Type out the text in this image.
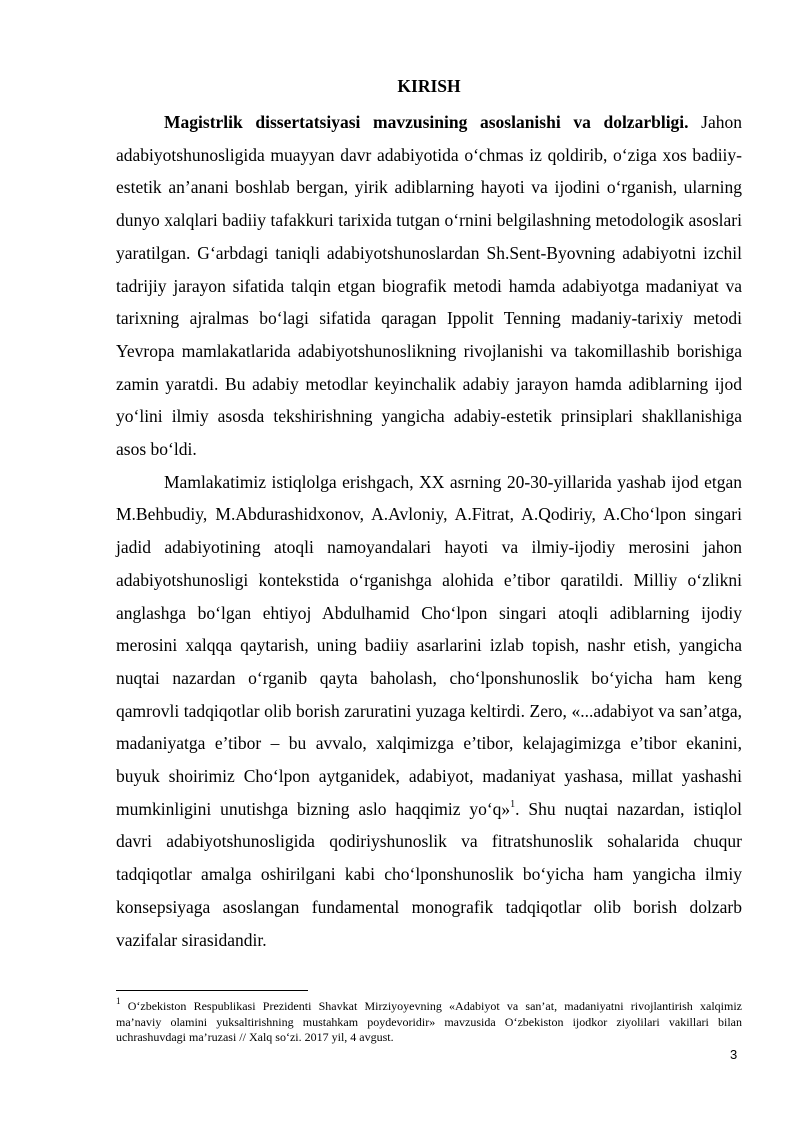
KIRISH

Magistrlik dissertatsiyasi mavzusining asoslanishi va dolzarbligi. Jahon adabiyotshunosligida muayyan davr adabiyotida o‘chmas iz qoldirib, o‘ziga xos badiiy-estetik an’anani boshlab bergan, yirik adiblarning hayoti va ijodini o‘rganish, ularning dunyo xalqlari badiiy tafakkuri tarixida tutgan o‘rnini belgilashning metodologik asoslari yaratilgan. G‘arbdagi taniqli adabiyotshunoslardan Sh.Sent-Byovning adabiyotni izchil tadrijiy jarayon sifatida talqin etgan biografik metodi hamda adabiyotga madaniyat va tarixning ajralmas bo‘lagi sifatida qaragan Ippolit Tenning madaniy-tarixiy metodi Yevropa mamlakatlarida adabiyotshunoslikning rivojlanishi va takomillashib borishiga zamin yaratdi. Bu adabiy metodlar keyinchalik adabiy jarayon hamda adiblarning ijod yo‘lini ilmiy asosda tekshirishning yangicha adabiy-estetik prinsiplari shakllanishiga asos bo‘ldi.

Mamlakatimiz istiqlolga erishgach, XX asrning 20-30-yillarida yashab ijod etgan M.Behbudiy, M.Abdurashidxonov, A.Avloniy, A.Fitrat, A.Qodiriy, A.Cho‘lpon singari jadid adabiyotining atoqli namoyandalari hayoti va ilmiy-ijodiy merosini jahon adabiyotshunosligi kontekstida o‘rganishga alohida e’tibor qaratildi. Milliy o‘zlikni anglashga bo‘lgan ehtiyoj Abdulhamid Cho‘lpon singari atoqli adiblarning ijodiy merosini xalqqa qaytarish, uning badiiy asarlarini izlab topish, nashr etish, yangicha nuqtai nazardan o‘rganib qayta baholash, cho‘lponshunoslik bo‘yicha ham keng qamrovli tadqiqotlar olib borish zaruratini yuzaga keltirdi. Zero, «...adabiyot va san’atga, madaniyatga e’tibor – bu avvalo, xalqimizga e’tibor, kelajagimizga e’tibor ekanini, buyuk shoirimiz Cho‘lpon aytganidek, adabiyot, madaniyat yashasa, millat yashashi mumkinligini unutishga bizning aslo haqqimiz yo‘q»$^1$. Shu nuqtai nazardan, istiqlol davri adabiyotshunosligida qodiriyshunoslik va fitratshunoslik sohalarida chuqur tadqiqotlar amalga oshirilgani kabi cho‘lponshunoslik bo‘yicha ham yangicha ilmiy konsepsiyaga asoslangan fundamental monografik tadqiqotlar olib borish dolzarb vazifalar sirasidandir.

$^1$ O‘zbekiston Respublikasi Prezidenti Shavkat Mirziyoyevning «Adabiyot va san’at, madaniyatni rivojlantirish xalqimiz ma’naviy olamini yuksaltirishning mustahkam poydevoridir» mavzusida O‘zbekiston ijodkor ziyolilari vakillari bilan uchrashuvdagi ma’ruzasi // Xalq so‘zi. 2017 yil, 4 avgust.

3
